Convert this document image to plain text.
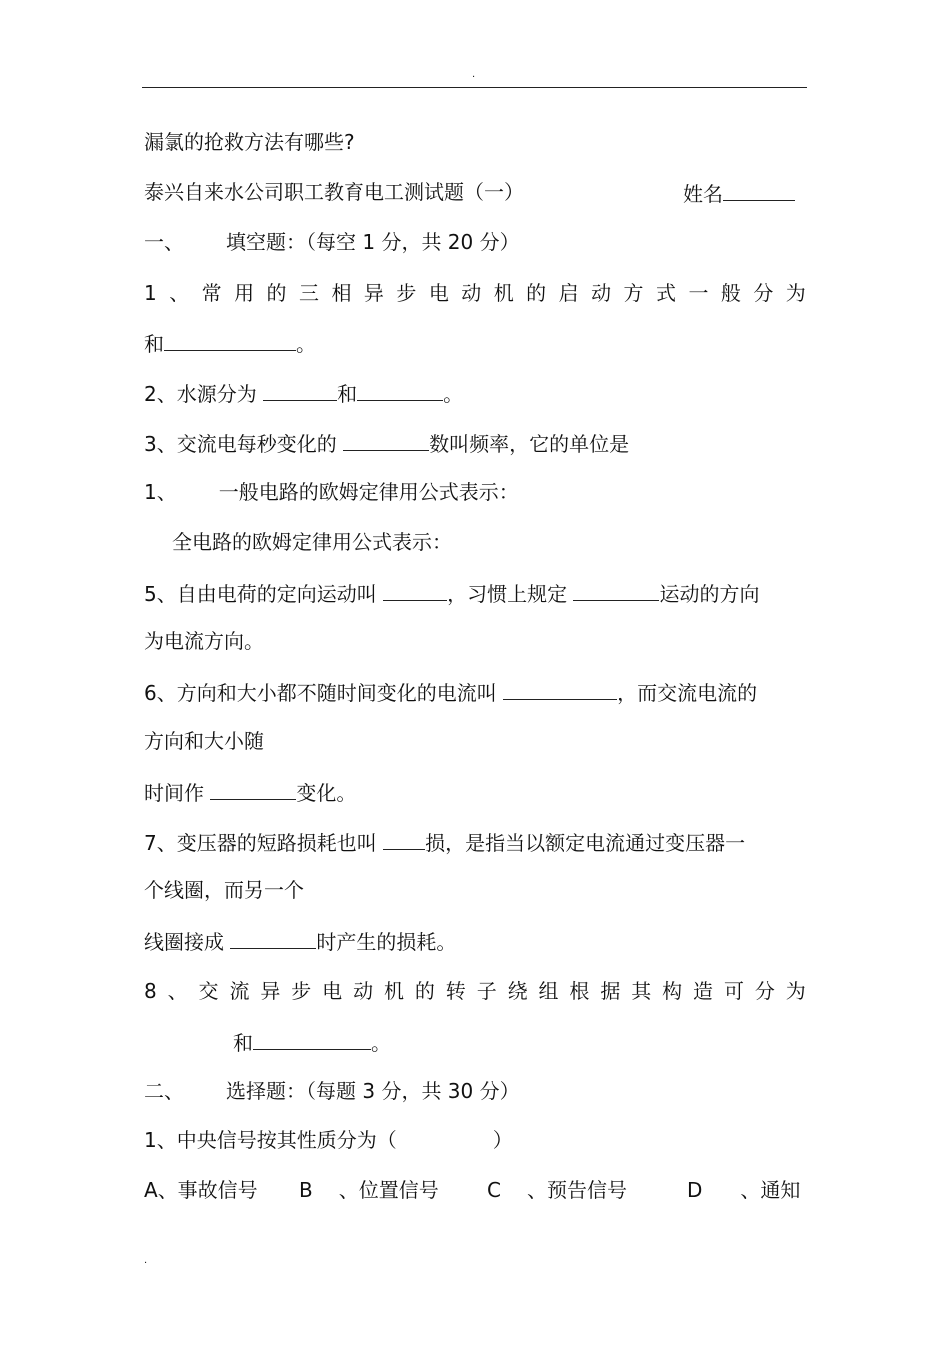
.
漏氯的抢救方法有哪些?
泰兴自来水公司职工教育电工测试题（一）	姓名
一、 填空题：（每空 1 分，共 20 分）
1 、 常 用 的 三 相 异 步 电 动 机 的 启 动 方 式 一 般 分 为
和	。
2、水源分为	和	。
3、交流电每秒变化的	数叫频率，它的单位是
1、 一般电路的欧姆定律用公式表示：
全电路的欧姆定律用公式表示：
5、自由电荷的定向运动叫	，习惯上规定	运动的方向
为电流方向。
6、方向和大小都不随时间变化的电流叫	，而交流电流的
方向和大小随
时间作	变化。
7、变压器的短路损耗也叫 损，是指当以额定电流通过变压器一
个线圈，而另一个
线圈接成	时产生的损耗。
8 、 交 流 异 步 电 动 机 的 转 子 绕 组 根 据 其 构 造 可 分 为
和	。
二、 选择题：（每题 3 分，共 30 分）
1、中央信号按其性质分为（	）
A、事故信号 B 、位置信号 C 、预告信号	D 、通知
.
